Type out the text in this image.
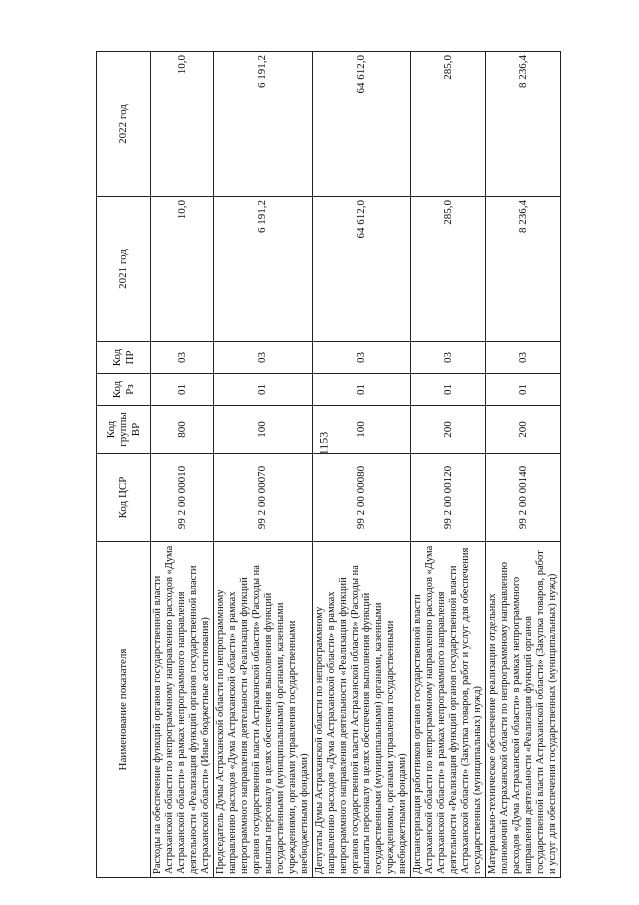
1153
Наименование показателя	Код ЦСР	Код группы ВР	Код Рз	Код ПР	2021 год	2022 год
Расходы на обеспечение функций органов государственной власти Астраханской области по непрограммному направлению расходов «Дума Астраханской области» в рамках непрограммного направления деятельности «Реализация функций органов государственной власти Астраханской области» (Иные бюджетные ассигнования)	99 2 00 00010	800	01	03	10,0	10,0
Председатель Думы Астраханской области по непрограммному направлению расходов «Дума Астраханской области» в рамках непрограммного направления деятельности «Реализация функций органов государственной власти Астраханской области» (Расходы на выплаты персоналу в целях обеспечения выполнения функций государственными (муниципальными) органами, казенными учреждениями, органами управления государственными внебюджетными фондами)	99 2 00 00070	100	01	03	6 191,2	6 191,2
Депутаты Думы Астраханской области по непрограммному направлению расходов «Дума Астраханской области» в рамках непрограммного направления деятельности «Реализация функций органов государственной власти Астраханской области» (Расходы на выплаты персоналу в целях обеспечения выполнения функций государственными (муниципальными) органами, казенными учреждениями, органами управления государственными внебюджетными фондами)	99 2 00 00080	100	01	03	64 612,0	64 612,0
Диспансеризация работников органов государственной власти Астраханской области по непрограммному направлению расходов «Дума Астраханской области» в рамках непрограммного направления деятельности «Реализация функций органов государственной власти Астраханской области» (Закупка товаров, работ и услуг для обеспечения государственных (муниципальных) нужд)	99 2 00 00120	200	01	03	285,0	285,0
Материально-техническое обеспечение реализации отдельных полномочий Астраханской области по непрограммному направлению расходов «Дума Астраханской области» в рамках непрограммного направления деятельности «Реализация функций органов государственной власти Астраханской области» (Закупка товаров, работ и услуг для обеспечения государственных (муниципальных) нужд)	99 2 00 00140	200	01	03	8 236,4	8 236,4
